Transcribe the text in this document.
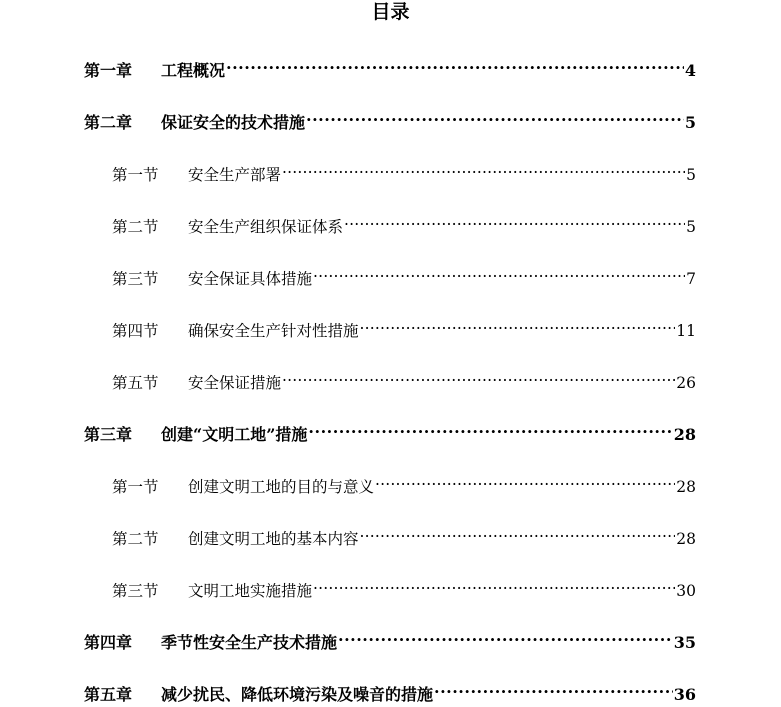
目录
第一章	工程概况 .....	4
第二章	保证安全的技术措施 .....	5
第一节	安全生产部署 .....	5
第二节	安全生产组织保证体系 .....	5
第三节	安全保证具体措施 .....	7
第四节	确保安全生产针对性措施 .....	11
第五节	安全保证措施 .....	26
第三章	创建“文明工地”措施 .....	28
第一节	创建文明工地的目的与意义 .....	28
第二节	创建文明工地的基本内容 .....	28
第三节	文明工地实施措施 .....	30
第四章	季节性安全生产技术措施 .....	35
第五章	减少扰民、降低环境污染及噪音的措施 .....	36
